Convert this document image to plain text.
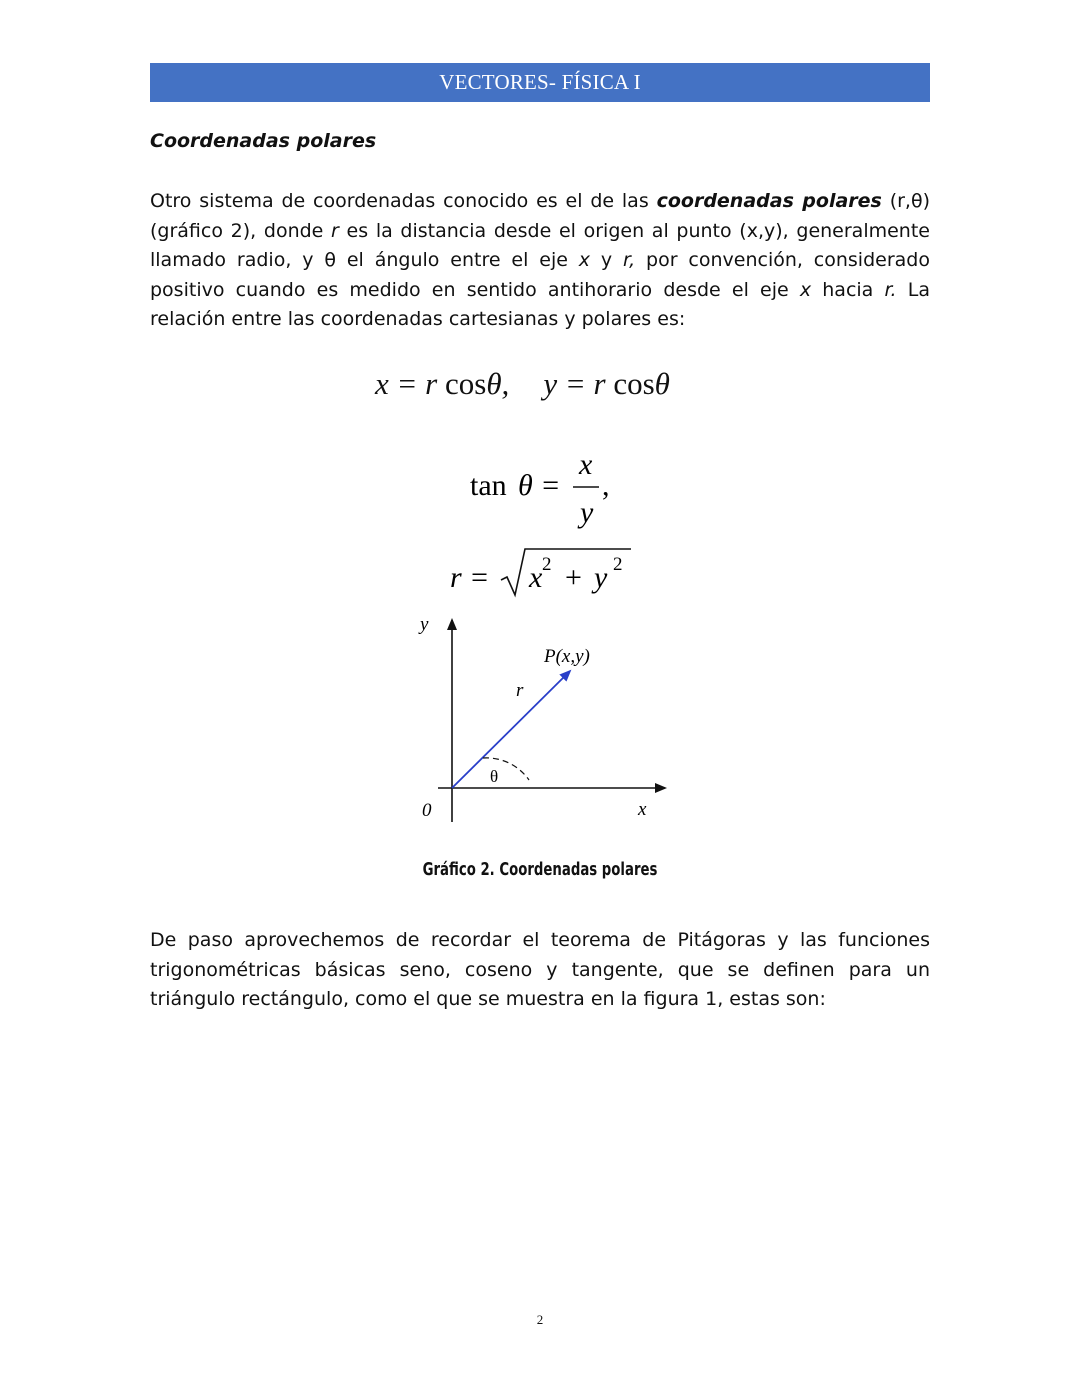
VECTORES- FÍSICA I
Coordenadas polares
Otro sistema de coordenadas conocido es el de las coordenadas polares (r,θ) (gráfico 2), donde r es la distancia desde el origen al punto (x,y), generalmente llamado radio, y θ el ángulo entre el eje x y r, por convención, considerado positivo cuando es medido en sentido antihorario desde el eje x hacia r. La relación entre las coordenadas cartesianas y polares es:
x = r cosθ, y = r cosθ
tan θ =
x
y
,
r = x 2 + y 2
y
x
0
P(x,y)
r
θ
Gráfico 2. Coordenadas polares
De paso aprovechemos de recordar el teorema de Pitágoras y las funciones trigonométricas básicas seno, coseno y tangente, que se definen para un triángulo rectángulo, como el que se muestra en la figura 1, estas son:
2
